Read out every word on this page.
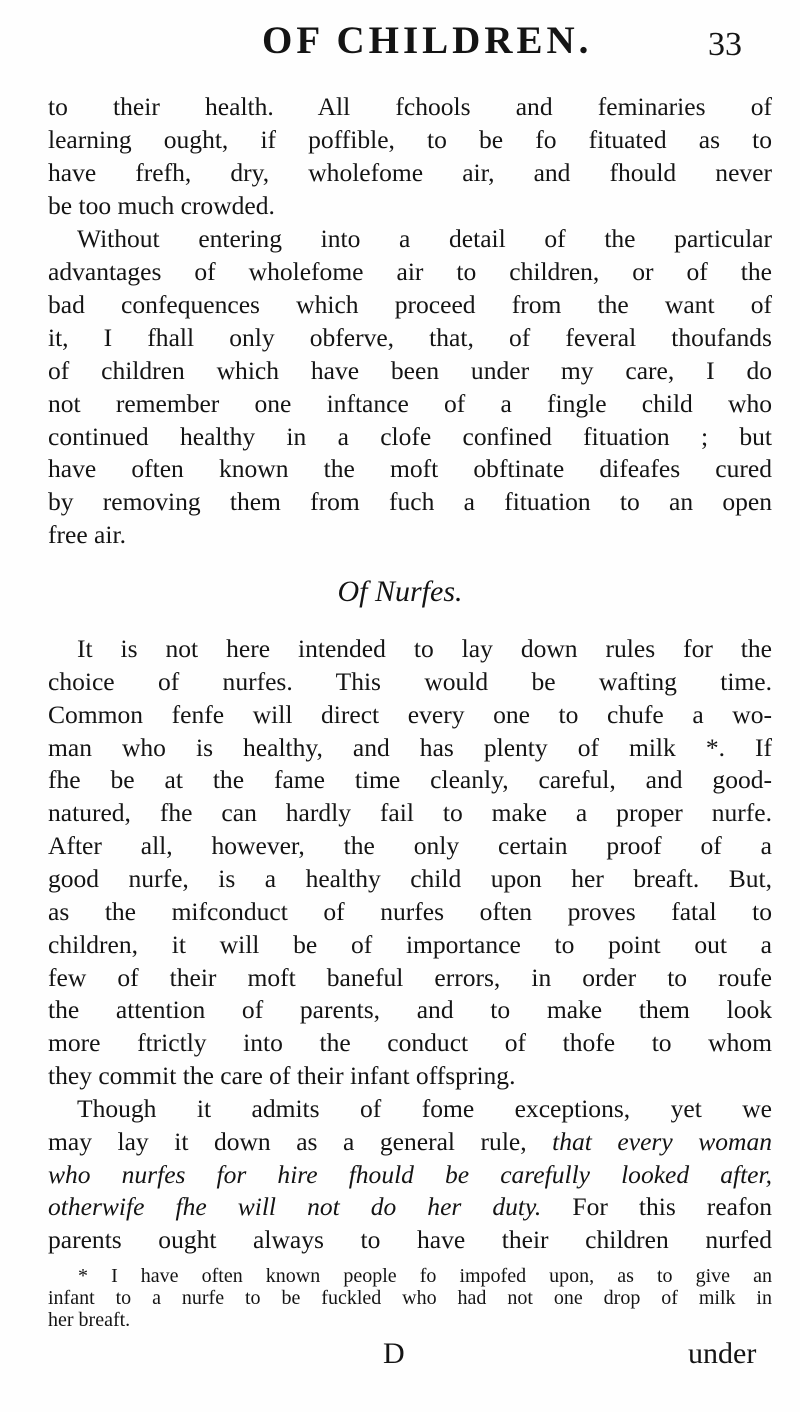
OF CHILDREN.	33
to their health. All fchools and feminaries of
learning ought, if poffible, to be fo fituated as to
have frefh, dry, wholefome air, and fhould never
be too much crowded.
Without entering into a detail of the particular
advantages of wholefome air to children, or of the
bad confequences which proceed from the want of
it, I fhall only obferve, that, of feveral thoufands
of children which have been under my care, I do
not remember one inftance of a fingle child who
continued healthy in a clofe confined fituation ; but
have often known the moft obftinate difeafes cured
by removing them from fuch a fituation to an open
free air.
Of Nurfes.
It is not here intended to lay down rules for the
choice of nurfes. This would be wafting time.
Common fenfe will direct every one to chufe a wo-
man who is healthy, and has plenty of milk *. If
fhe be at the fame time cleanly, careful, and good-
natured, fhe can hardly fail to make a proper nurfe.
After all, however, the only certain proof of a
good nurfe, is a healthy child upon her breaft. But,
as the mifconduct of nurfes often proves fatal to
children, it will be of importance to point out a
few of their moft baneful errors, in order to roufe
the attention of parents, and to make them look
more ftrictly into the conduct of thofe to whom
they commit the care of their infant offspring.
Though it admits of fome exceptions, yet we
may lay it down as a general rule, that every woman
who nurfes for hire fhould be carefully looked after,
D	under
otherwife fhe will not do her duty. For this reafon
parents ought always to have their children nurfed
* I have often known people fo impofed upon, as to give an
infant to a nurfe to be fuckled who had not one drop of milk in
her breaft.
